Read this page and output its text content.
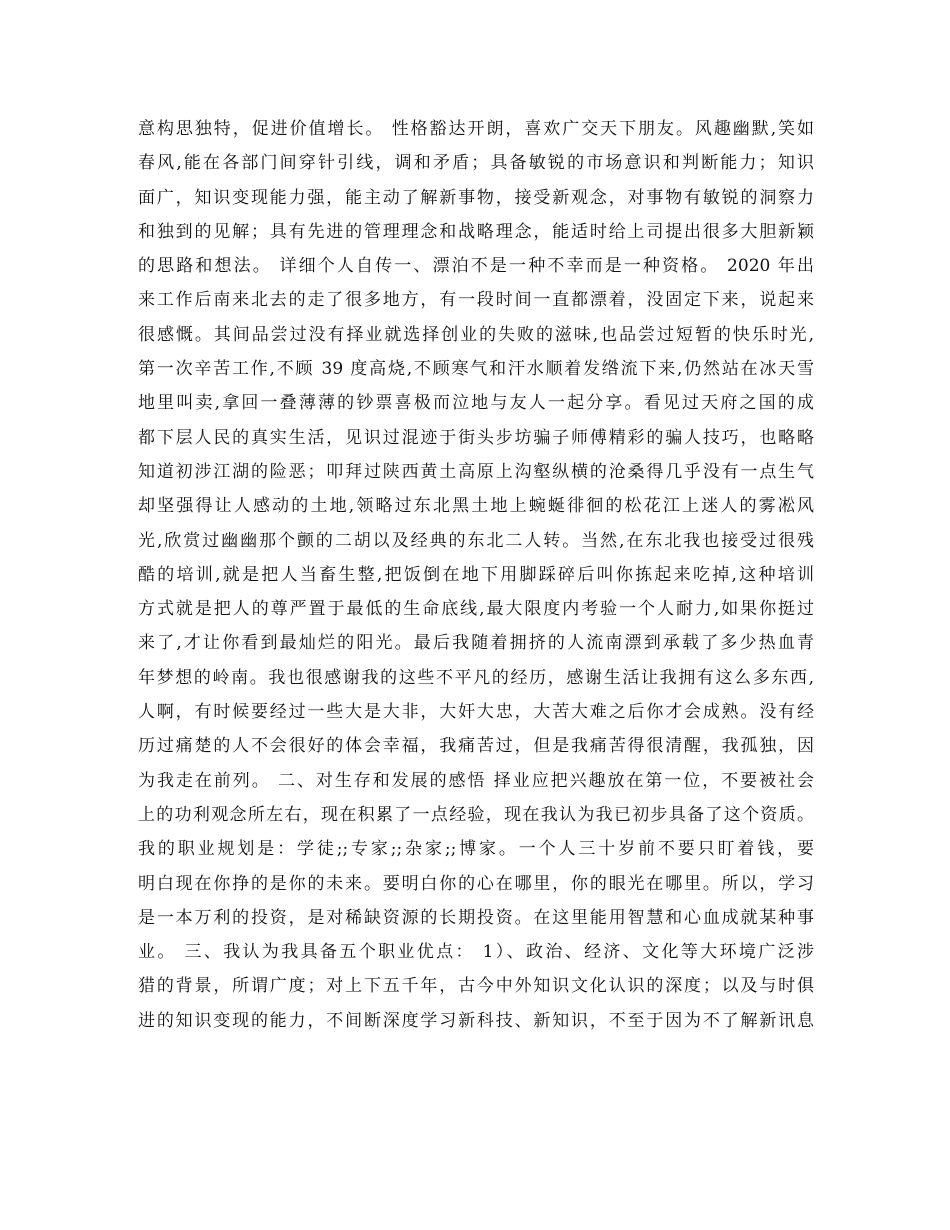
意构思独特，促进价值增长。 性格豁达开朗，喜欢广交天下朋友。风趣幽默,笑如
春风,能在各部门间穿针引线，调和矛盾；具备敏锐的市场意识和判断能力；知识
面广，知识变现能力强，能主动了解新事物，接受新观念，对事物有敏锐的洞察力
和独到的见解；具有先进的管理理念和战略理念，能适时给上司提出很多大胆新颖
的思路和想法。 详细个人自传一、漂泊不是一种不幸而是一种资格。 2020 年出
来工作后南来北去的走了很多地方，有一段时间一直都漂着，没固定下来，说起来
很感慨。其间品尝过没有择业就选择创业的失败的滋味,也品尝过短暂的快乐时光,
第一次辛苦工作,不顾 39 度高烧,不顾寒气和汗水顺着发绺流下来,仍然站在冰天雪
地里叫卖,拿回一叠薄薄的钞票喜极而泣地与友人一起分享。看见过天府之国的成
都下层人民的真实生活，见识过混迹于街头步坊骗子师傅精彩的骗人技巧，也略略
知道初涉江湖的险恶；叩拜过陕西黄土高原上沟壑纵横的沧桑得几乎没有一点生气
却坚强得让人感动的土地,领略过东北黑土地上蜿蜒徘徊的松花江上迷人的雾凇风
光,欣赏过幽幽那个颤的二胡以及经典的东北二人转。当然,在东北我也接受过很残
酷的培训,就是把人当畜生整,把饭倒在地下用脚踩碎后叫你拣起来吃掉,这种培训
方式就是把人的尊严置于最低的生命底线,最大限度内考验一个人耐力,如果你挺过
来了,才让你看到最灿烂的阳光。最后我随着拥挤的人流南漂到承载了多少热血青
年梦想的岭南。我也很感谢我的这些不平凡的经历，感谢生活让我拥有这么多东西,
人啊，有时候要经过一些大是大非，大奸大忠，大苦大难之后你才会成熟。没有经
历过痛楚的人不会很好的体会幸福，我痛苦过，但是我痛苦得很清醒，我孤独，因
为我走在前列。 二、对生存和发展的感悟 择业应把兴趣放在第一位，不要被社会
上的功利观念所左右，现在积累了一点经验，现在我认为我已初步具备了这个资质。
我的职业规划是：学徒;;专家;;杂家;;博家。一个人三十岁前不要只盯着钱，要
明白现在你挣的是你的未来。要明白你的心在哪里，你的眼光在哪里。所以，学习
是一本万利的投资，是对稀缺资源的长期投资。在这里能用智慧和心血成就某种事
业。 三、我认为我具备五个职业优点： 1）、政治、经济、文化等大环境广泛涉
猎的背景，所谓广度；对上下五千年，古今中外知识文化认识的深度；以及与时俱
进的知识变现的能力，不间断深度学习新科技、新知识，不至于因为不了解新讯息
